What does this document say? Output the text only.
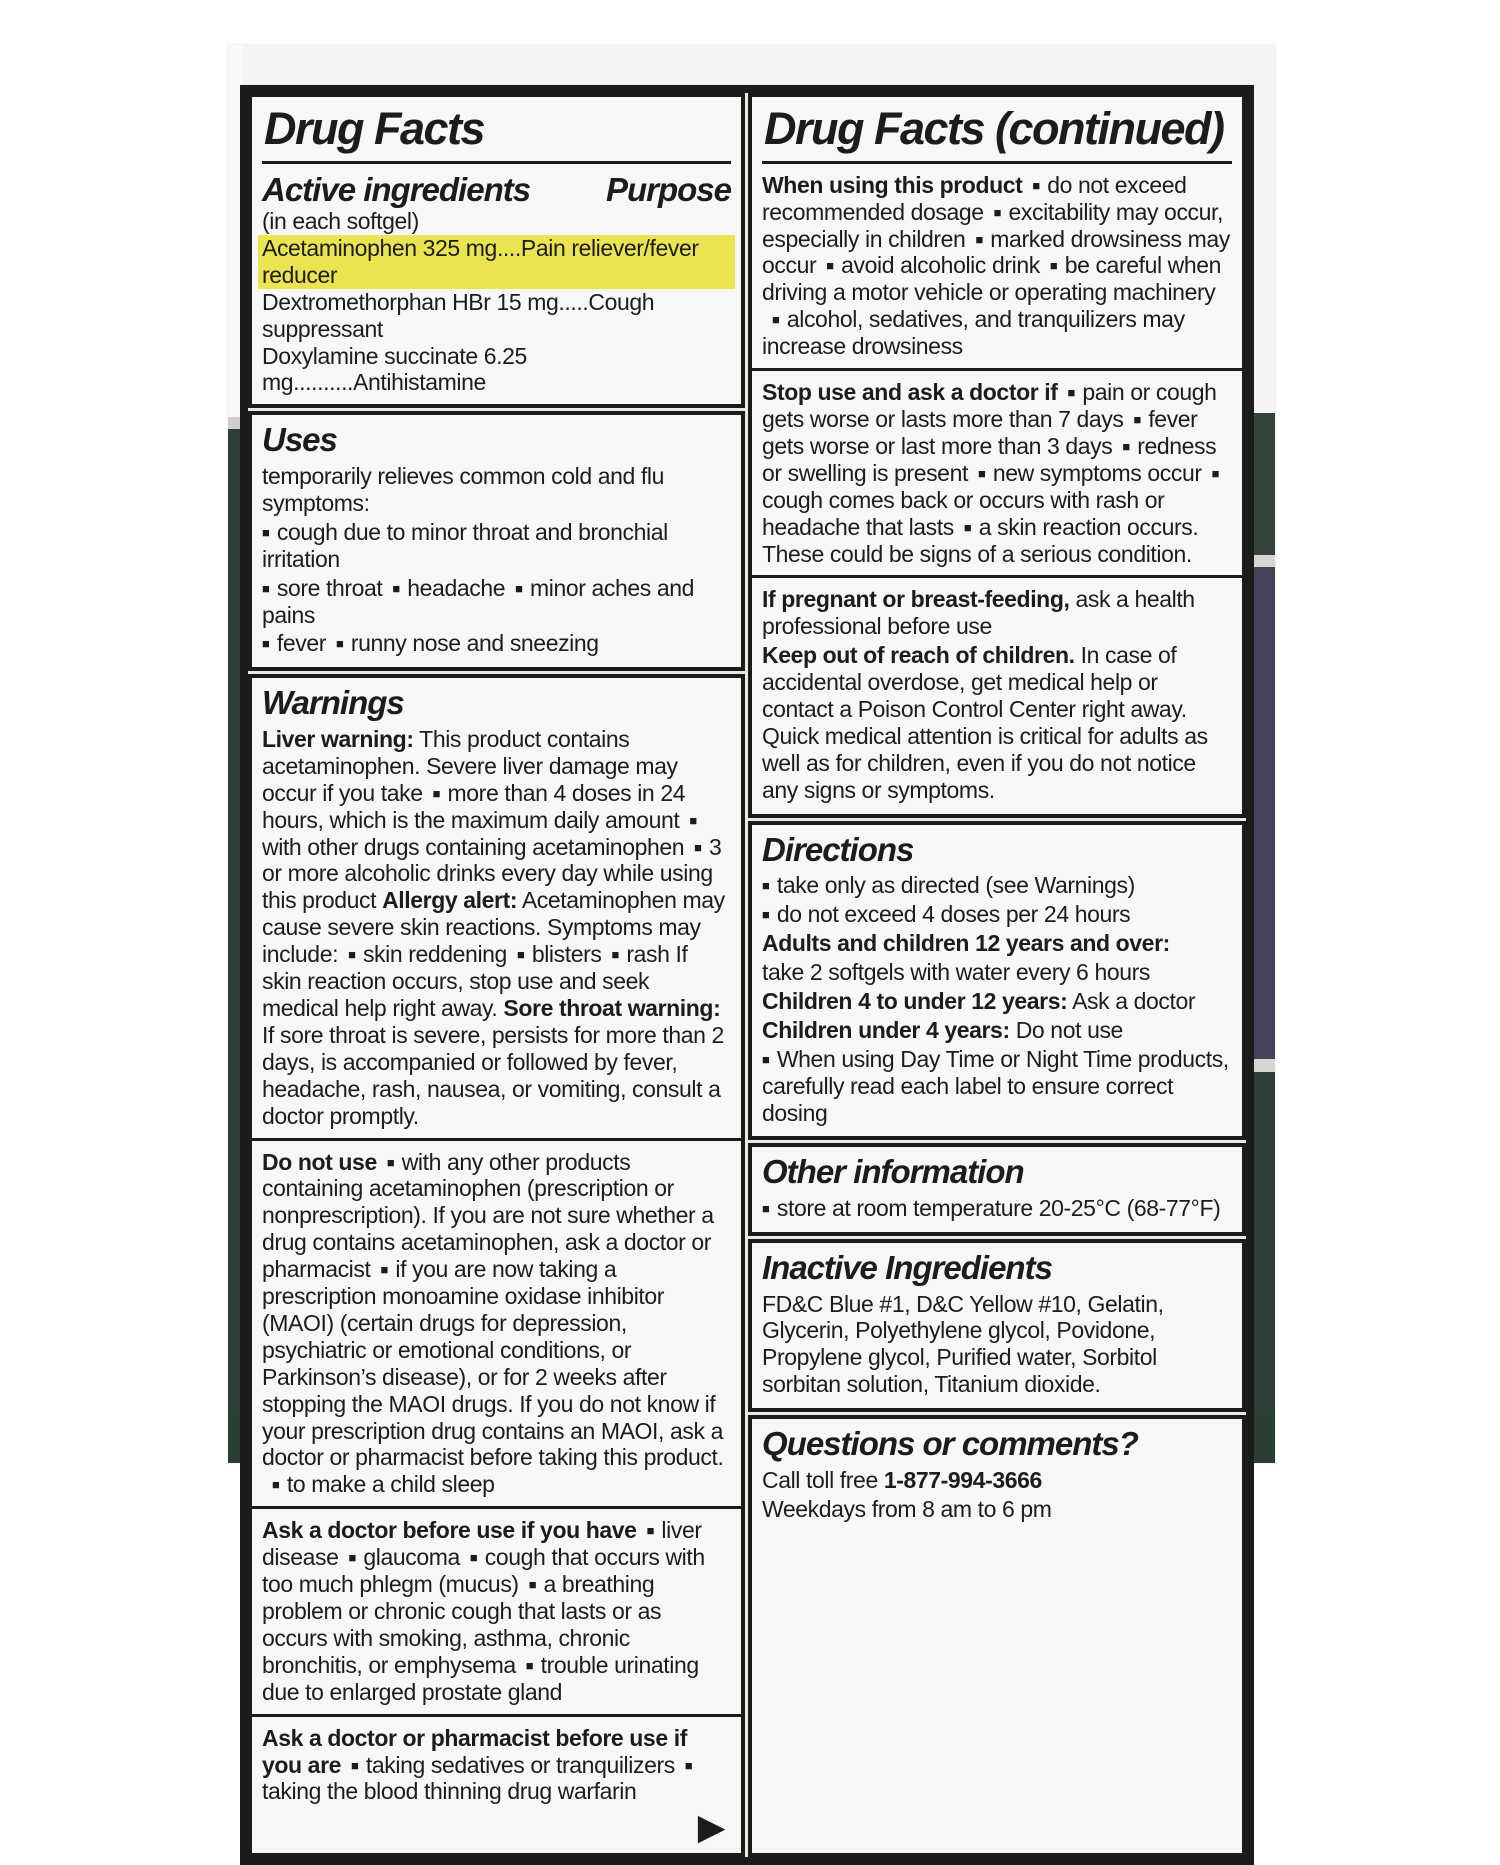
Drug Facts
Active ingredients Purpose
(in each softgel)
Acetaminophen 325 mg....Pain reliever/fever reducer
Dextromethorphan HBr 15 mg.....Cough suppressant
Doxylamine succinate 6.25 mg..........Antihistamine
Uses

temporarily relieves common cold and flu symptoms:

■ cough due to minor throat and bronchial irritation

■ sore throat ■ headache ■ minor aches and pains

■ fever ■ runny nose and sneezing

Warnings

Liver warning: This product contains acetaminophen. Severe liver damage may occur if you take ■ more than 4 doses in 24 hours, which is the maximum daily amount ■with other drugs containing acetaminophen ■ 3 or more alcoholic drinks every day while using this product Allergy alert: Acetaminophen may cause severe skin reactions. Symptoms may include: ■ skin reddening ■ blisters ■ rash If skin reaction occurs, stop use and seek medical help right away. Sore throat warning: If sore throat is severe, persists for more than 2 days, is accompanied or followed by fever, headache, rash, nausea, or vomiting, consult a doctor promptly.

Do not use ■ with any other products containing acetaminophen (prescription or nonprescription). If you are not sure whether a drug contains acetaminophen, ask a doctor or pharmacist ■ if you are now taking a prescription monoamine oxidase inhibitor (MAOI) (certain drugs for depression, psychiatric or emotional conditions, or Parkinson’s disease), or for 2 weeks after stopping the MAOI drugs. If you do not know if your prescription drug contains an MAOI, ask a doctor or pharmacist before taking this product.■ to make a child sleep

Ask a doctor before use if you have ■ liver disease ■ glaucoma ■ cough that occurs with too much phlegm (mucus) ■ a breathing problem or chronic cough that lasts or as occurs with smoking, asthma, chronic bronchitis, or emphysema ■ trouble urinating due to enlarged prostate gland

Ask a doctor or pharmacist before use if you are ■ taking sedatives or tranquilizers ■taking the blood thinning drug warfarin

▶
Drug Facts (continued)

When using this product ■ do not exceed recommended dosage ■ excitability may occur, especially in children ■ marked drowsiness may occur ■ avoid alcoholic drink ■ be careful when driving a motor vehicle or operating machinery■ alcohol, sedatives, and tranquilizers may increase drowsiness

Stop use and ask a doctor if ■ pain or cough gets worse or lasts more than 7 days ■ fever gets worse or last more than 3 days ■ redness or swelling is present ■ new symptoms occur ■cough comes back or occurs with rash or headache that lasts ■ a skin reaction occurs. These could be signs of a serious condition.

If pregnant or breast-feeding, ask a health professional before use

Keep out of reach of children. In case of accidental overdose, get medical help or contact a Poison Control Center right away. Quick medical attention is critical for adults as well as for children, even if you do not notice any signs or symptoms.

Directions

■ take only as directed (see Warnings)

■ do not exceed 4 doses per 24 hours

Adults and children 12 years and over:

take 2 softgels with water every 6 hours

Children 4 to under 12 years: Ask a doctor

Children under 4 years: Do not use

■ When using Day Time or Night Time products, carefully read each label to ensure correct dosing

Other information

■ store at room temperature 20-25°C (68-77°F)

Inactive Ingredients

FD&C Blue #1, D&C Yellow #10, Gelatin, Glycerin, Polyethylene glycol, Povidone, Propylene glycol, Purified water, Sorbitol sorbitan solution, Titanium dioxide.

Questions or comments?

Call toll free 1-877-994-3666

Weekdays from 8 am to 6 pm
